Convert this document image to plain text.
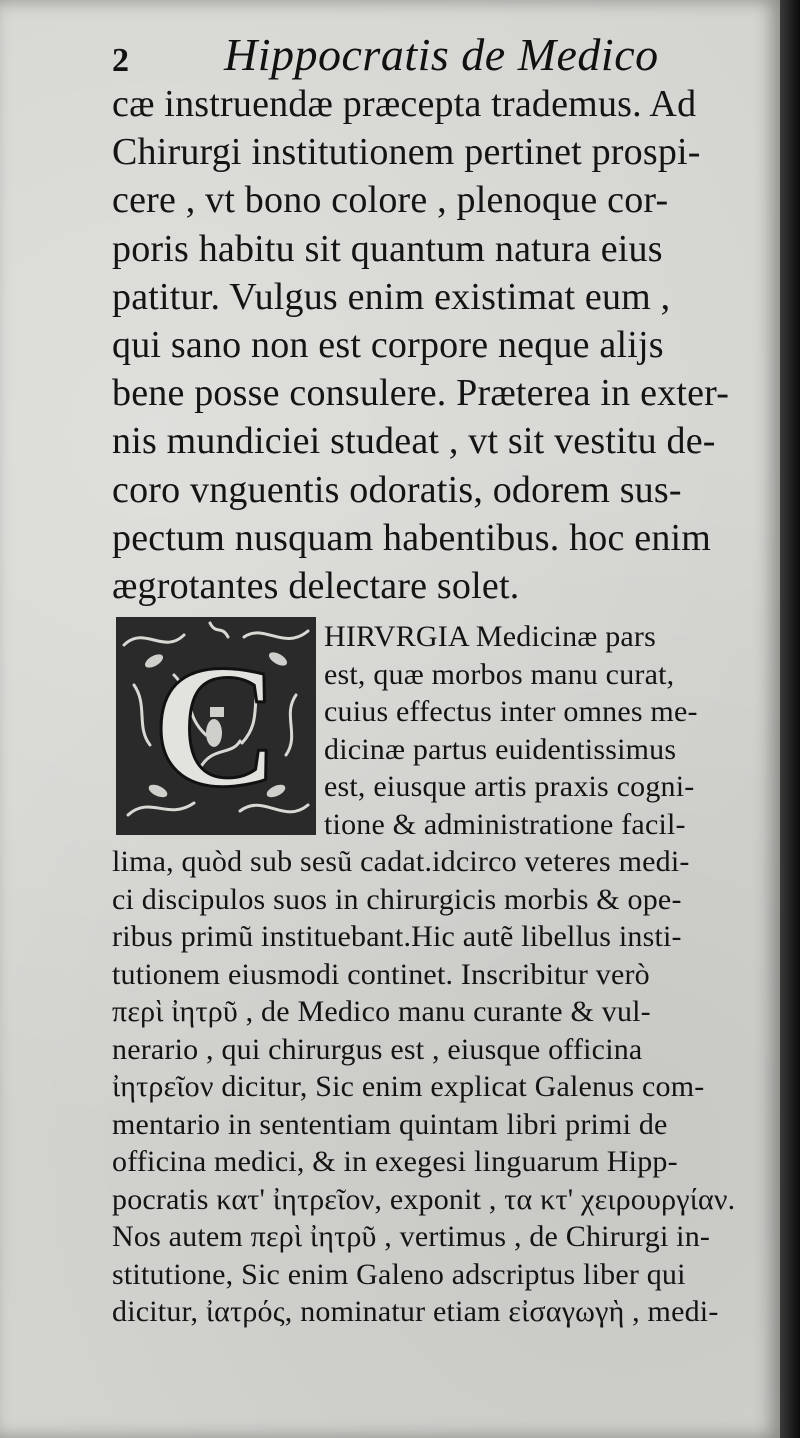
2 Hippocratis de Medico
cæ instruendæ præcepta trademus. Ad
Chirurgi institutionem pertinet prospi-
cere , vt bono colore , plenoque cor-
poris habitu sit quantum natura eius
patitur. Vulgus enim existimat eum ,
qui sano non est corpore neque alijs
bene posse consulere. Præterea in exter-
nis mundiciei studeat , vt sit vestitu de-
coro vnguentis odoratis, odorem sus-
pectum nusquam habentibus. hoc enim
ægrotantes delectare solet.
C	HIRVRGIA Medicinæ pars
est, quæ morbos manu curat,
cuius effectus inter omnes me-
dicinæ partus euidentissimus
est, eiusque artis praxis cogni-
tione & administratione facil-
lima, quòd sub sesũ cadat.idcirco veteres medi-
ci discipulos suos in chirurgicis morbis & ope-
ribus primũ instituebant.Hic autẽ libellus insti-
tutionem eiusmodi continet. Inscribitur verò
περὶ ἰητρῦ , de Medico manu curante & vul-
nerario , qui chirurgus est , eiusque officina
ἰητρεῖον dicitur, Sic enim explicat Galenus com-
mentario in sententiam quintam libri primi de
officina medici, & in exegesi linguarum Hipp-
pocratis κατ' ἰητρεῖον, exponit , τα κτ' χειρουργίαν.
Nos autem περὶ ἰητρῦ , vertimus , de Chirurgi in-
stitutione, Sic enim Galeno adscriptus liber qui
dicitur, ἰατρός, nominatur etiam εἰσαγωγὴ , medi-
